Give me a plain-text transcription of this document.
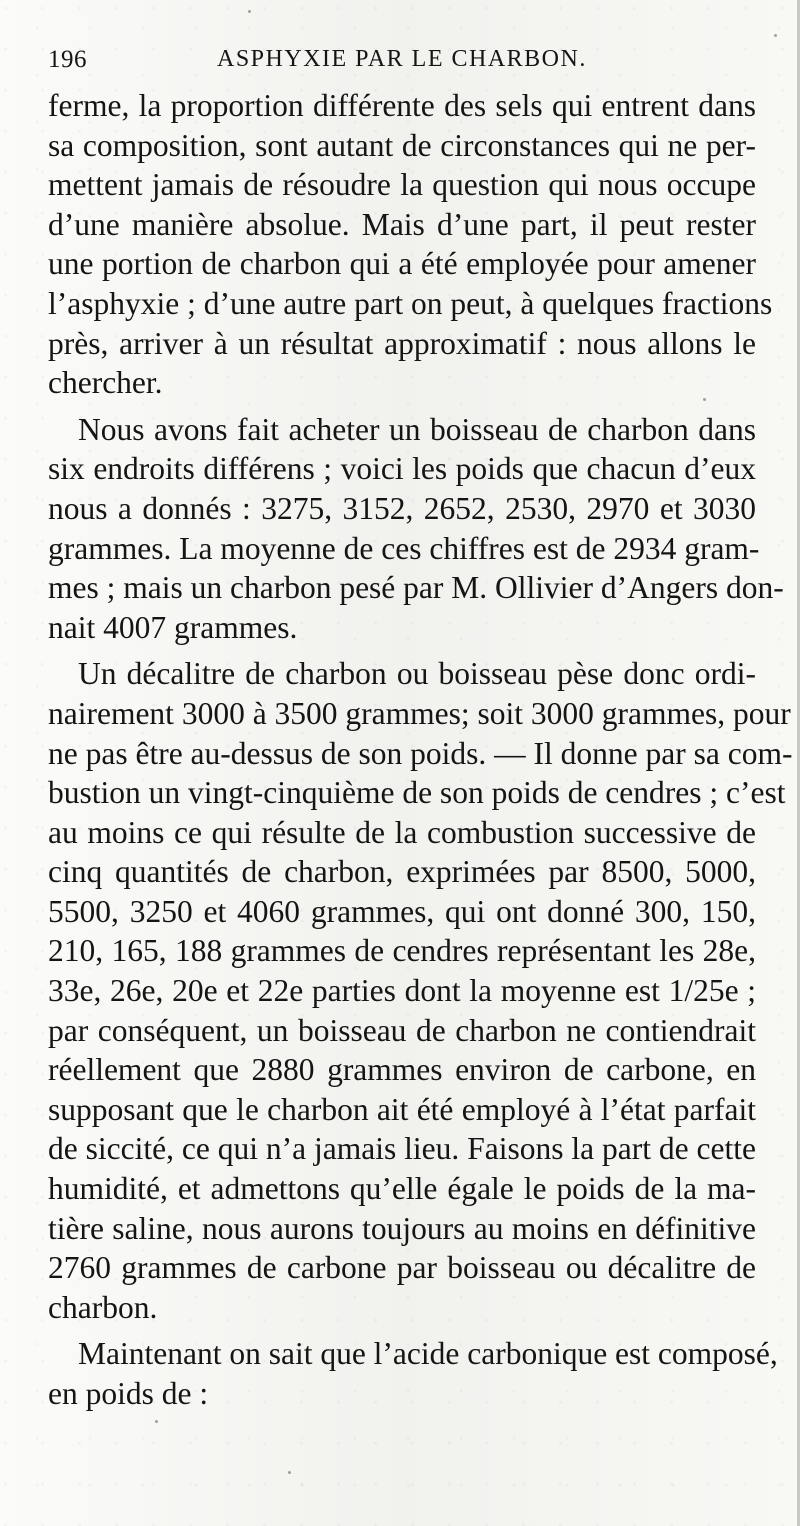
196	ASPHYXIE PAR LE CHARBON.
ferme, la proportion différente des sels qui entrent dans
sa composition, sont autant de circonstances qui ne per-
mettent jamais de résoudre la question qui nous occupe
d’une manière absolue. Mais d’une part, il peut rester
une portion de charbon qui a été employée pour amener
l’asphyxie ; d’une autre part on peut, à quelques fractions
près, arriver à un résultat approximatif : nous allons le
chercher.
Nous avons fait acheter un boisseau de charbon dans
six endroits différens ; voici les poids que chacun d’eux
nous a donnés : 3275, 3152, 2652, 2530, 2970 et 3030
grammes. La moyenne de ces chiffres est de 2934 gram-
mes ; mais un charbon pesé par M. Ollivier d’Angers don-
nait 4007 grammes.
Un décalitre de charbon ou boisseau pèse donc ordi-
nairement 3000 à 3500 grammes; soit 3000 grammes, pour
ne pas être au-dessus de son poids. — Il donne par sa com-
bustion un vingt-cinquième de son poids de cendres ; c’est
au moins ce qui résulte de la combustion successive de
cinq quantités de charbon, exprimées par 8500, 5000,
5500, 3250 et 4060 grammes, qui ont donné 300, 150,
210, 165, 188 grammes de cendres représentant les 28e,
33e, 26e, 20e et 22e parties dont la moyenne est 1/25e ;
par conséquent, un boisseau de charbon ne contiendrait
réellement que 2880 grammes environ de carbone, en
supposant que le charbon ait été employé à l’état parfait
de siccité, ce qui n’a jamais lieu. Faisons la part de cette
humidité, et admettons qu’elle égale le poids de la ma-
tière saline, nous aurons toujours au moins en définitive
2760 grammes de carbone par boisseau ou décalitre de
charbon.
Maintenant on sait que l’acide carbonique est composé,
en poids de :
